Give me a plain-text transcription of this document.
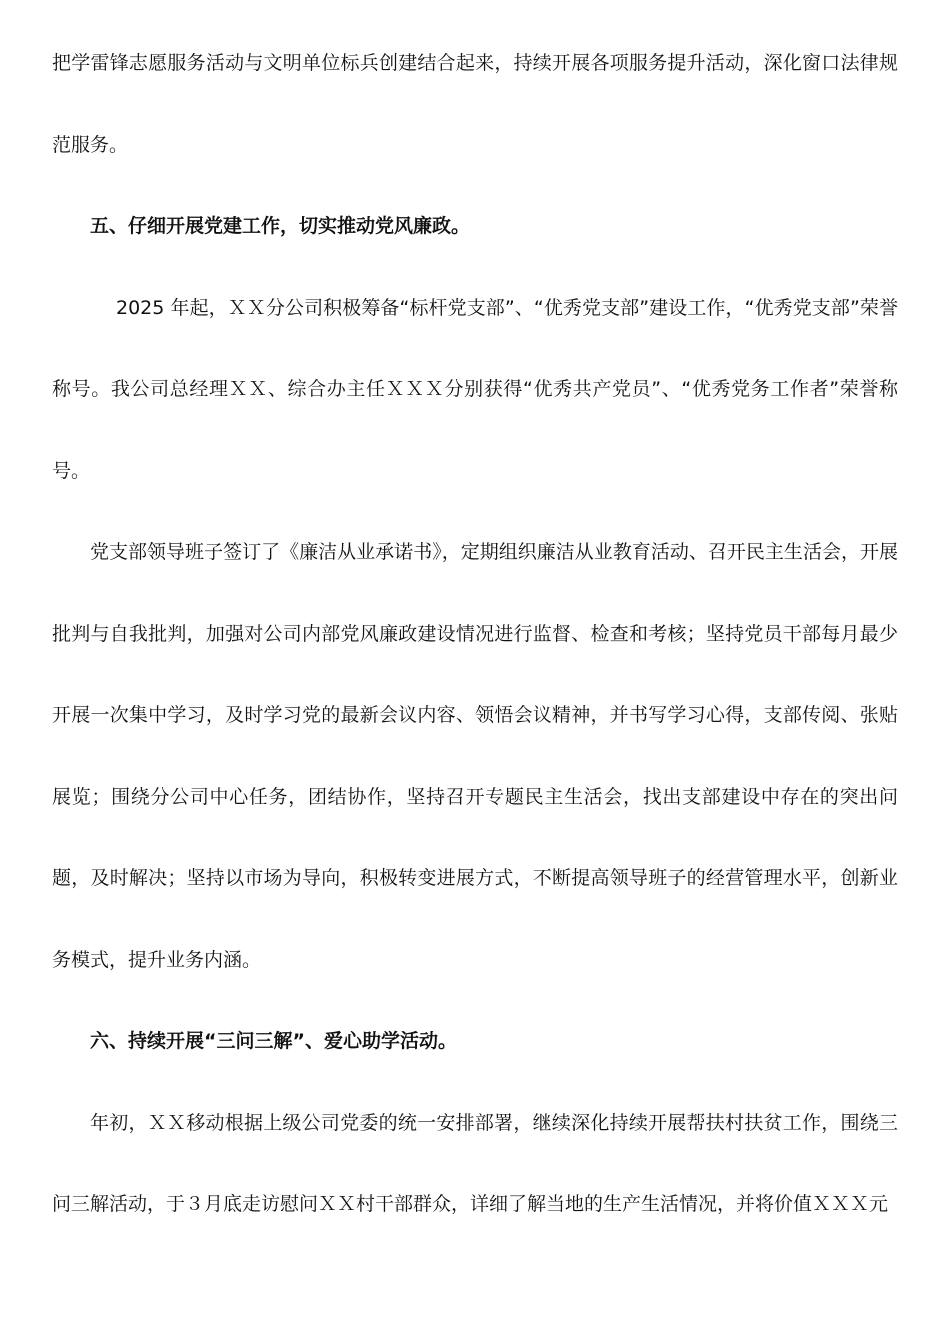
把学雷锋志愿服务活动与文明单位标兵创建结合起来，持续开展各项服务提升活动，深化窗口法律规范服务。

五、仔细开展党建工作，切实推动党风廉政。

2025 年起，ＸＸ分公司积极筹备“标杆党支部”、“优秀党支部”建设工作，“优秀党支部”荣誉称号。我公司总经理ＸＸ、综合办主任ＸＸＸ分别获得“优秀共产党员”、“优秀党务工作者”荣誉称号。

党支部领导班子签订了《廉洁从业承诺书》，定期组织廉洁从业教育活动、召开民主生活会，开展批判与自我批判，加强对公司内部党风廉政建设情况进行监督、检查和考核；坚持党员干部每月最少开展一次集中学习，及时学习党的最新会议内容、领悟会议精神，并书写学习心得，支部传阅、张贴展览；围绕分公司中心任务，团结协作，坚持召开专题民主生活会，找出支部建设中存在的突出问题，及时解决；坚持以市场为导向，积极转变进展方式，不断提高领导班子的经营管理水平，创新业务模式，提升业务内涵。

六、持续开展“三问三解”、爱心助学活动。

年初，ＸＸ移动根据上级公司党委的统一安排部署，继续深化持续开展帮扶村扶贫工作，围绕三问三解活动，于３月底走访慰问ＸＸ村干部群众，详细了解当地的生产生活情况，并将价值ＸＸＸ元
